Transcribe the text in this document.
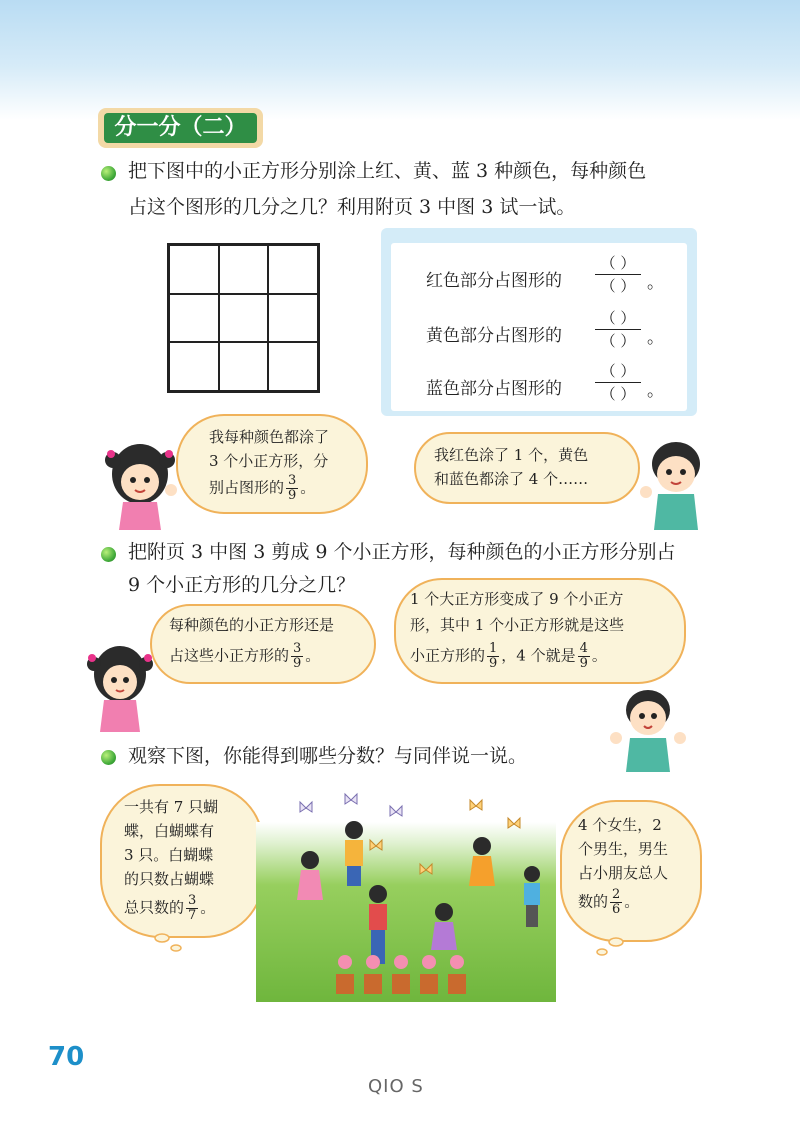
分一分（二）
把下图中的小正方形分别涂上红、黄、蓝 3 种颜色，每种颜色
占这个图形的几分之几？利用附页 3 中图 3 试一试。
红色部分占图形的
（ ）
（ ） 。
黄色部分占图形的
（ ）
（ ） 。
蓝色部分占图形的
（ ）
（ ） 。
我每种颜色都涂了
3 个小正方形，分
别占图形的 $\frac{3}{9}$ 。
我红色涂了 1 个，黄色
和蓝色都涂了 4 个……
把附页 3 中图 3 剪成 9 个小正方形，每种颜色的小正方形分别占
9 个小正方形的几分之几？
每种颜色的小正方形还是
占这些小正方形的 $\frac{3}{9}$ 。
1 个大正方形变成了 9 个小正方
形，其中 1 个小正方形就是这些
小正方形的 $\frac{1}{9}$ ，4 个就是 $\frac{4}{9}$ 。
观察下图，你能得到哪些分数？与同伴说一说。
一共有 7 只蝴
蝶，白蝴蝶有
3 只。白蝴蝶
的只数占蝴蝶
总只数的 $\frac{3}{7}$ 。
4 个女生，2
个男生，男生
占小朋友总人
数的 $\frac{2}{6}$ 。
70
QIO S
